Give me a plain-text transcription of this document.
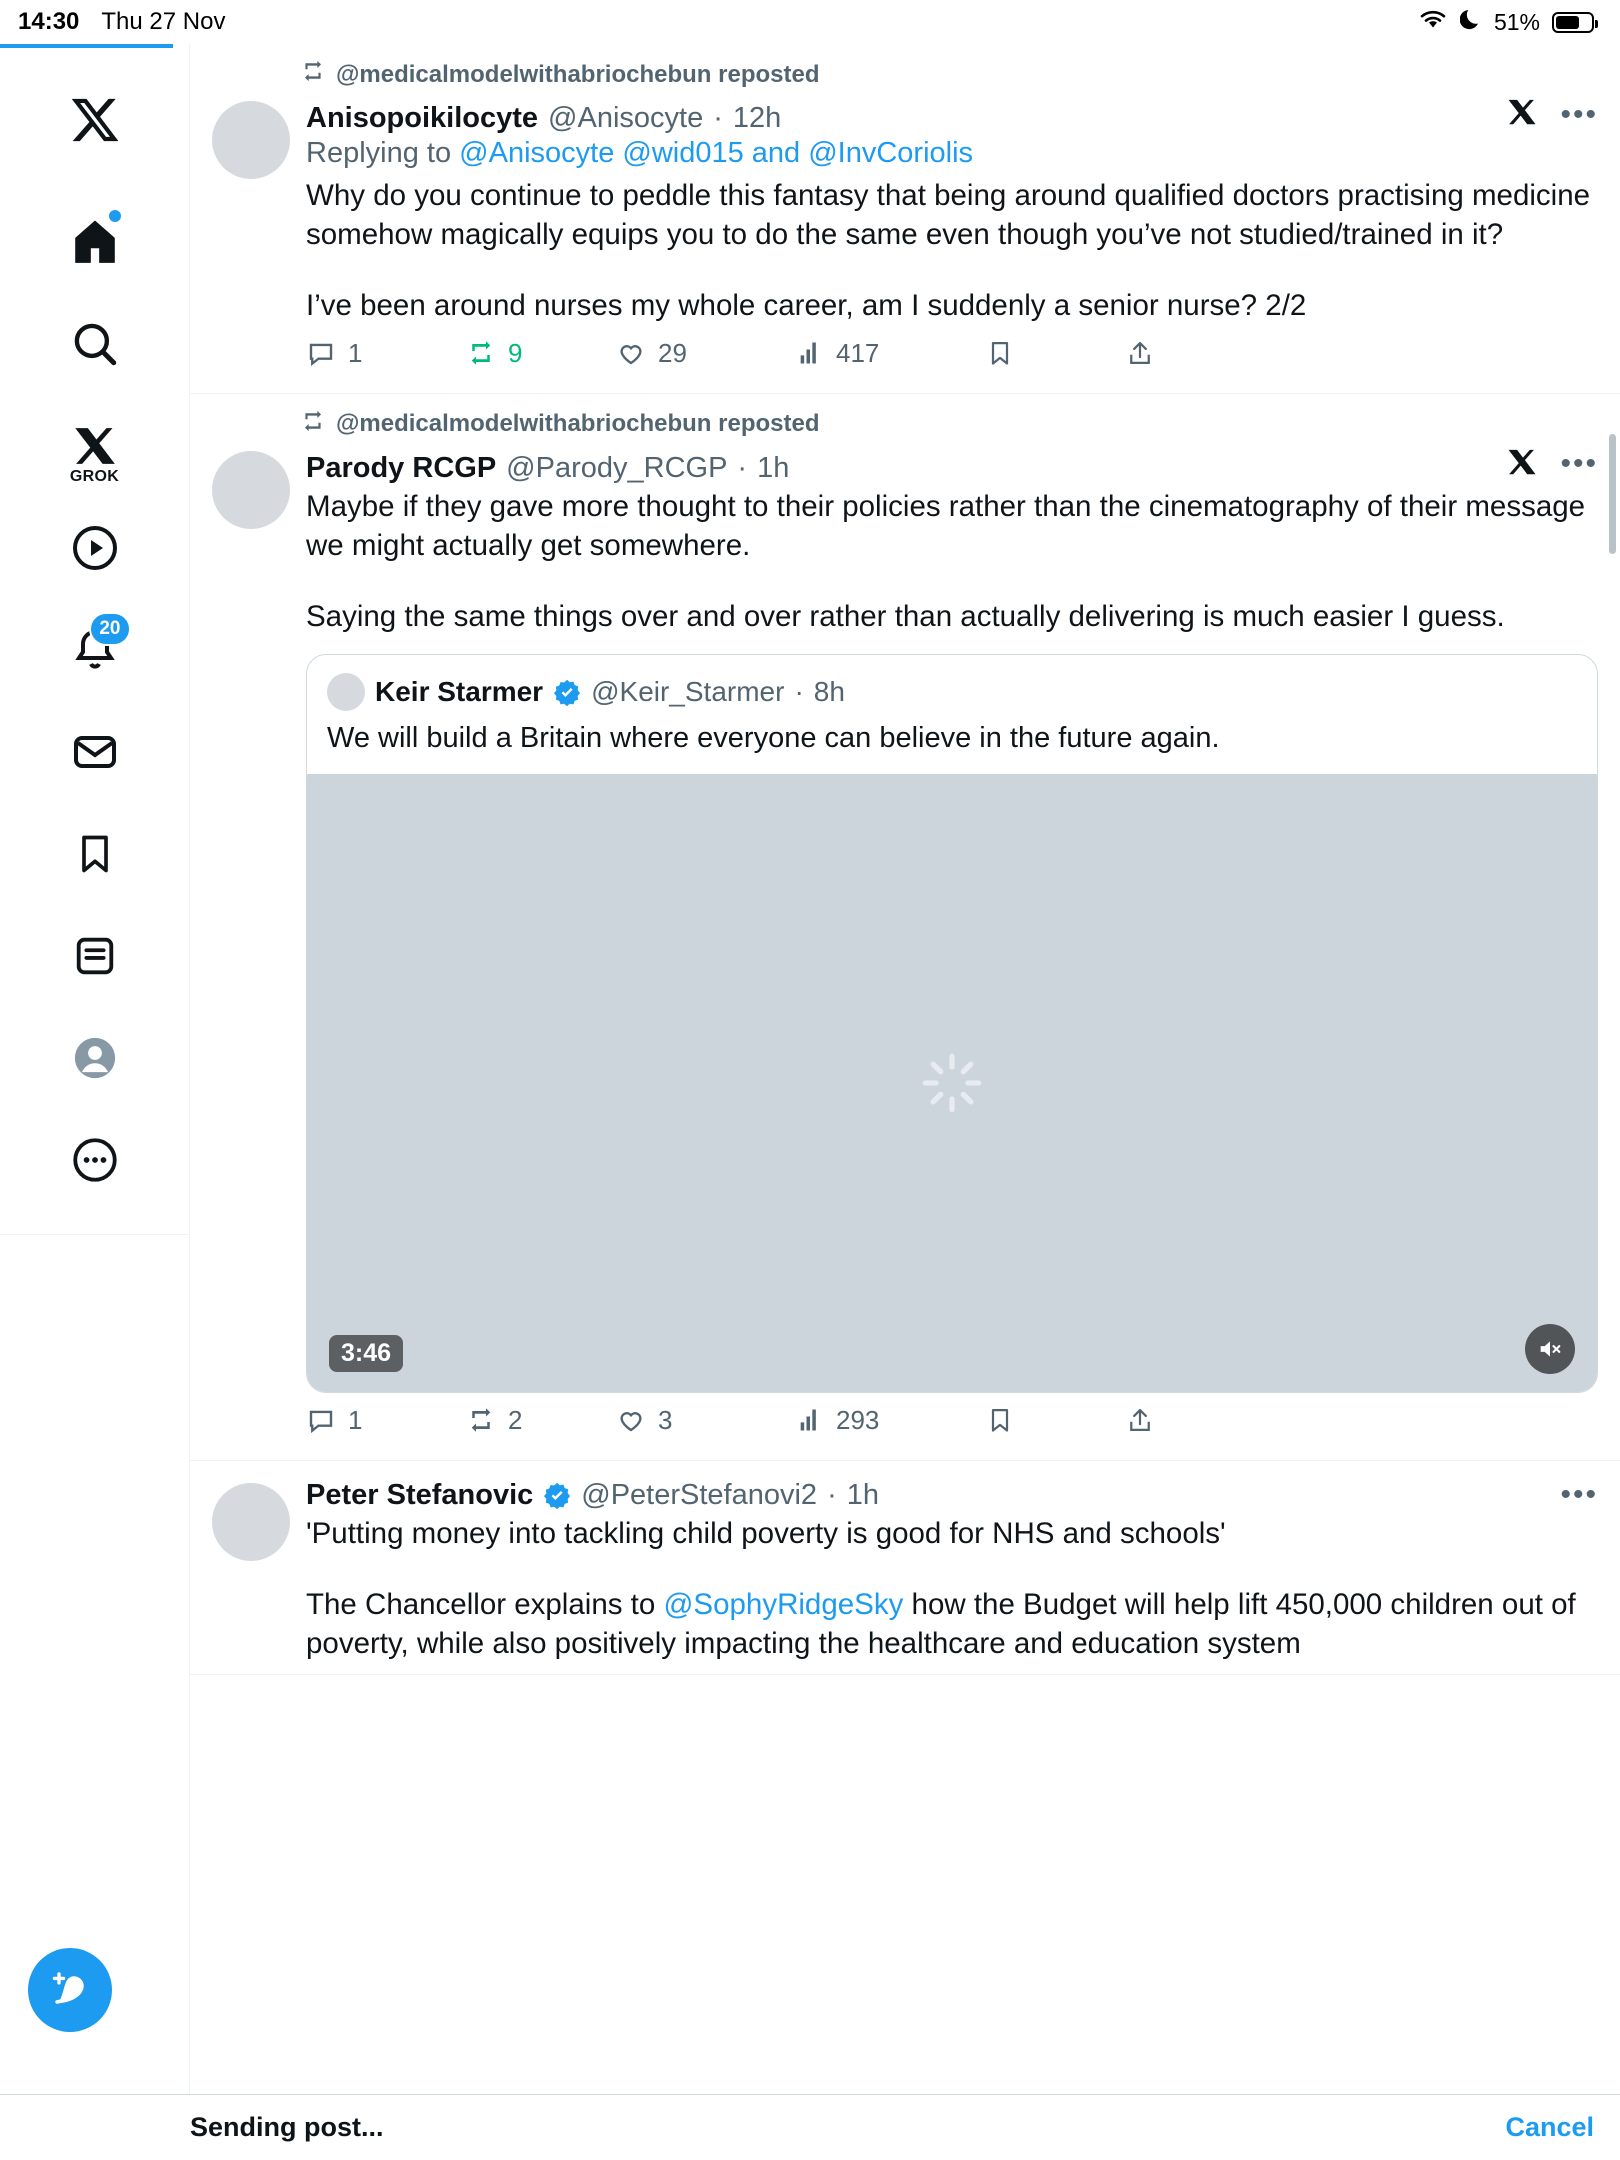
14:30 Thu 27 Nov	51%
GROK
20
@medicalmodelwithabriochebun reposted
Anisopoikilocyte @Anisocyte · 12h	•••
Replying to @Anisocyte @wid015 and @InvCoriolis
Why do you continue to peddle this fantasy that being around qualified doctors practising medicine somehow magically equips you to do the same even though you’ve not studied/trained in it?
I’ve been around nurses my whole career, am I suddenly a senior nurse? 2/2
1	9	29	417
@medicalmodelwithabriochebun reposted
Parody RCGP @Parody_RCGP · 1h	•••
Maybe if they gave more thought to their policies rather than the cinematography of their message we might actually get somewhere.
Saying the same things over and over rather than actually delivering is much easier I guess.
Keir Starmer @Keir_Starmer · 8h
We will build a Britain where everyone can believe in the future again.
3:46
1	2	3	293
Peter Stefanovic @PeterStefanovi2 · 1h	•••
'Putting money into tackling child poverty is good for NHS and schools'
The Chancellor explains to @SophyRidgeSky how the Budget will help lift 450,000 children out of poverty, while also positively impacting the healthcare and education system
Sending post...	Cancel
